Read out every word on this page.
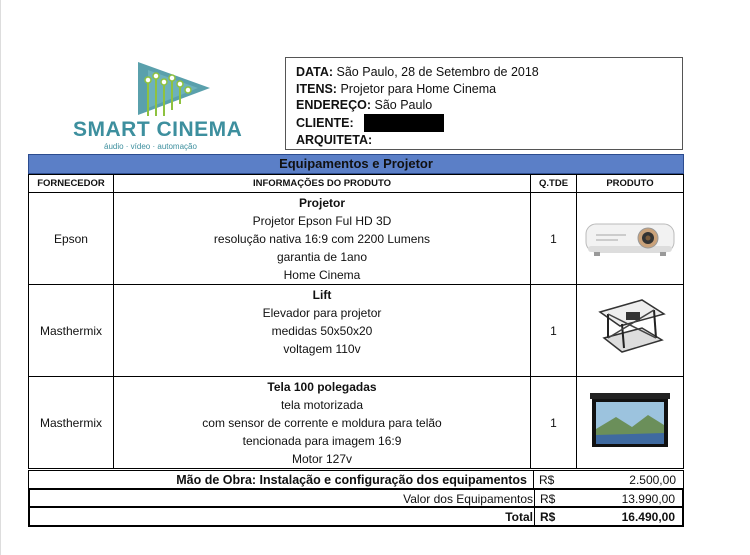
SMART CINEMA
áudio · vídeo · automação
DATA: São Paulo, 28 de Setembro de 2018
ITENS: Projetor para Home Cinema
ENDEREÇO: São Paulo
CLIENTE:
ARQUITETA:
Equipamentos e Projetor
FORNECEDOR	INFORMAÇÕES DO PRODUTO	Q.TDE	PRODUTO
Epson	Projetor
Projetor Epson Ful HD 3D
resolução nativa 16:9 com 2200 Lumens
garantia de 1ano
Home Cinema	1	
Masthermix	Lift
Elevador para projetor
medidas 50x50x20
voltagem 110v	1	
Masthermix	Tela 100 polegadas
tela motorizada
com sensor de corrente e moldura para telão
tencionada para imagem 16:9
Motor 127v	1	
Mão de Obra: Instalação e configuração dos equipamentos R$	2.500,00
Valor dos Equipamentos R$	13.990,00
Total R$	16.490,00
